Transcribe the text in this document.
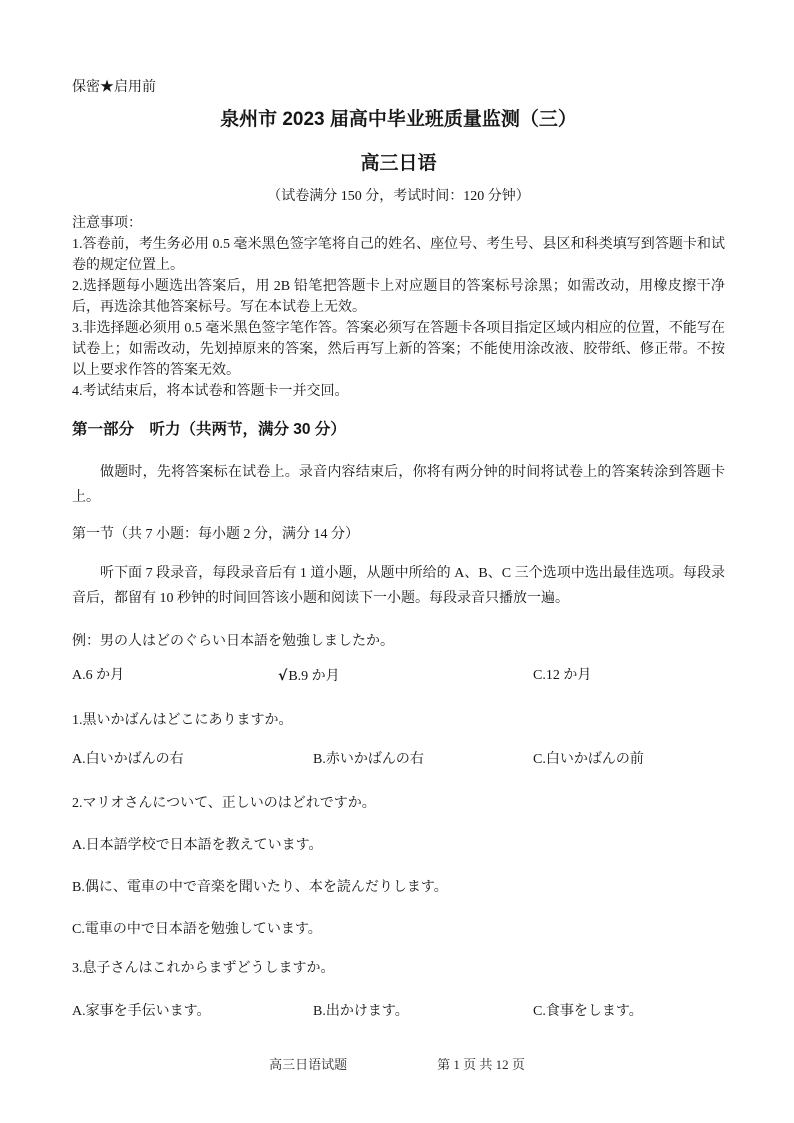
保密★启用前
泉州市 2023 届高中毕业班质量监测（三）
高三日语
（试卷满分 150 分，考试时间：120 分钟）
注意事项：

1.答卷前，考生务必用 0.5 毫米黑色签字笔将自己的姓名、座位号、考生号、县区和科类填写到答题卡和试卷的规定位置上。

2.选择题每小题选出答案后，用 2B 铅笔把答题卡上对应题目的答案标号涂黑；如需改动，用橡皮擦干净后，再选涂其他答案标号。写在本试卷上无效。

3.非选择题必须用 0.5 毫米黑色签字笔作答。答案必须写在答题卡各项目指定区域内相应的位置，不能写在试卷上；如需改动，先划掉原来的答案，然后再写上新的答案；不能使用涂改液、胶带纸、修正带。不按以上要求作答的答案无效。

4.考试结束后，将本试卷和答题卡一并交回。

第一部分　听力（共两节，满分 30 分）

做题时，先将答案标在试卷上。录音内容结束后，你将有两分钟的时间将试卷上的答案转涂到答题卡上。

第一节（共 7 小题：每小题 2 分，满分 14 分）

听下面 7 段录音，每段录音后有 1 道小题，从题中所给的 A、B、C 三个选项中选出最佳选项。每段录音后，都留有 10 秒钟的时间回答该小题和阅读下一小题。每段录音只播放一遍。

例：男の人はどのぐらい日本語を勉強しましたか。

A.6 か月	√B.9 か月	C.12 か月

1.黒いかばんはどこにありますか。

A.白いかばんの右	B.赤いかばんの右	C.白いかばんの前

2.マリオさんについて、正しいのはどれですか。

A.日本語学校で日本語を教えています。

B.偶に、電車の中で音楽を聞いたり、本を読んだりします。

C.電車の中で日本語を勉強しています。

3.息子さんはこれからまずどうしますか。

A.家事を手伝います。	B.出かけます。	C.食事をします。
高三日语试题	第 1 页 共 12 页
